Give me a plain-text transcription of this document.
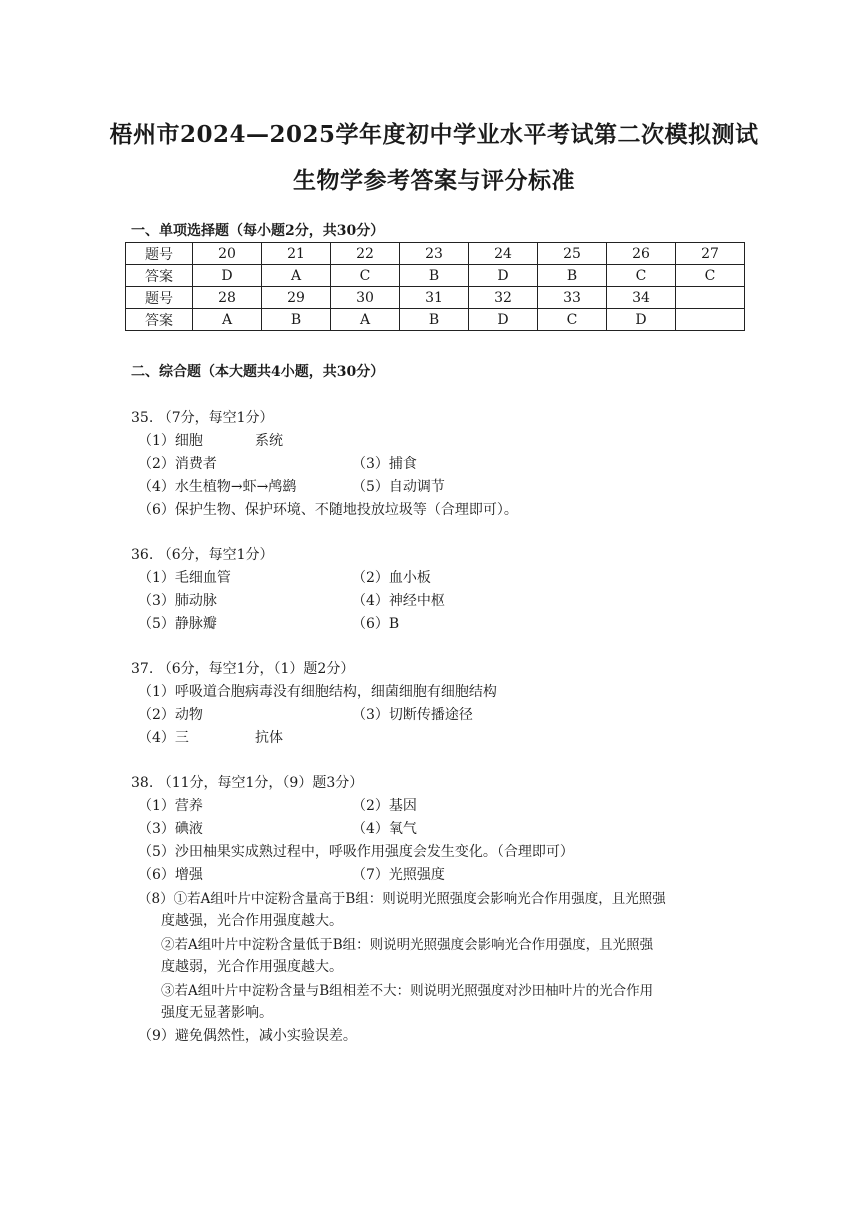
梧州市2024—2025学年度初中学业水平考试第二次模拟测试
生物学参考答案与评分标准
一、单项选择题（每小题2分，共30分）
题号	20	21	22	23	24	25	26	27
答案	D	A	C	B	D	B	C	C
题号	28	29	30	31	32	33	34	
答案	A	B	A	B	D	C	D	
二、综合题（本大题共4小题，共30分）
35. （7分，每空1分）
（1）细胞	系统
（2）消费者	（3）捕食
（4）水生植物→虾→鸬鹚	（5）自动调节
（6）保护生物、保护环境、不随地投放垃圾等（合理即可）。
36. （6分，每空1分）
（1）毛细血管	（2）血小板
（3）肺动脉	（4）神经中枢
（5）静脉瓣	（6）B
37. （6分，每空1分，（1）题2分）
（1）呼吸道合胞病毒没有细胞结构，细菌细胞有细胞结构
（2）动物	（3）切断传播途径
（4）三	抗体
38. （11分，每空1分，（9）题3分）
（1）营养	（2）基因
（3）碘液	（4）氧气
（5）沙田柚果实成熟过程中，呼吸作用强度会发生变化。（合理即可）
（6）增强	（7）光照强度
（8）①若A组叶片中淀粉含量高于B组：则说明光照强度会影响光合作用强度，且光照强
度越强，光合作用强度越大。
②若A组叶片中淀粉含量低于B组：则说明光照强度会影响光合作用强度，且光照强
度越弱，光合作用强度越大。
③若A组叶片中淀粉含量与B组相差不大：则说明光照强度对沙田柚叶片的光合作用
强度无显著影响。
（9）避免偶然性，减小实验误差。
